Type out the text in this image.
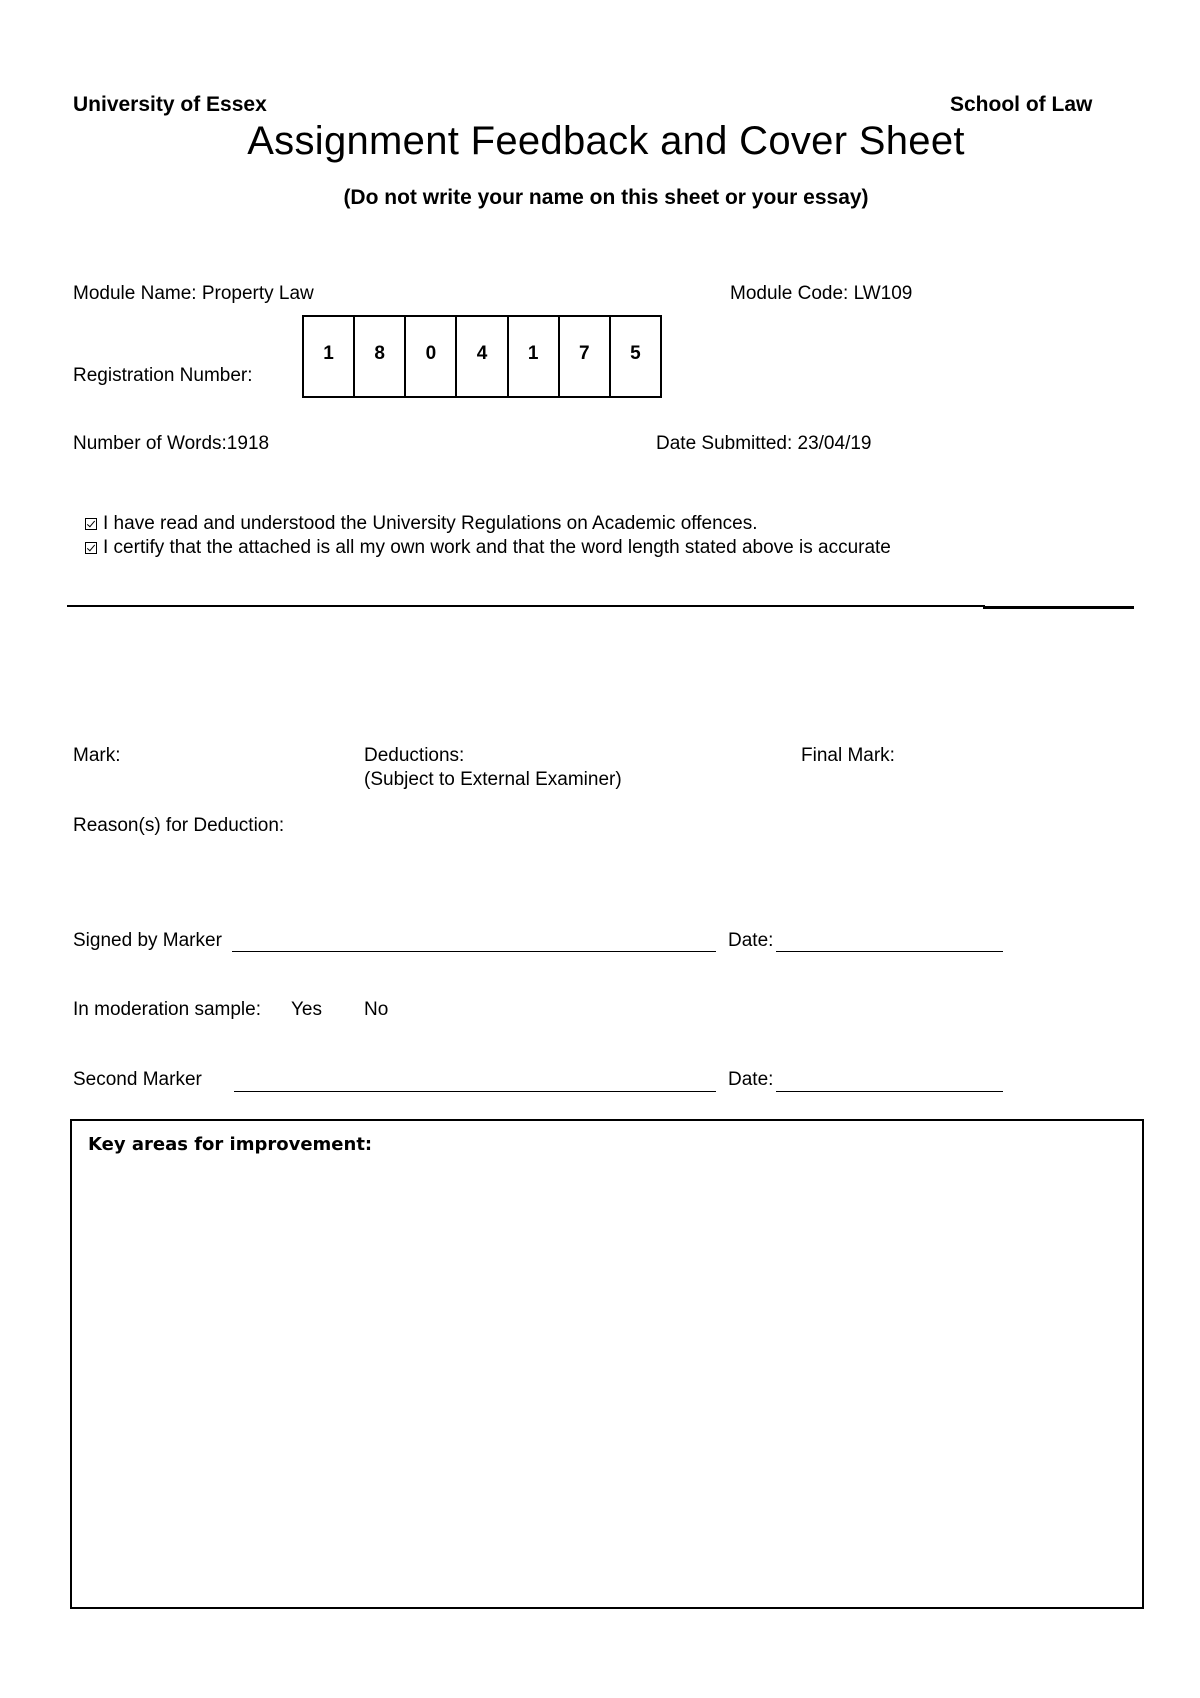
University of Essex	School of Law
Assignment Feedback and Cover Sheet
(Do not write your name on this sheet or your essay)
Module Name: Property Law	Module Code: LW109
Registration Number:
1	8	0	4	1	7	5
Number of Words:1918	Date Submitted: 23/04/19
I have read and understood the University Regulations on Academic offences.
I certify that the attached is all my own work and that the word length stated above is accurate
Mark:	Deductions:
(Subject to External Examiner)
Final Mark:
Reason(s) for Deduction:
Signed by Marker	Date:
In moderation sample: Yes No
Second Marker	Date:
Key areas for improvement:
